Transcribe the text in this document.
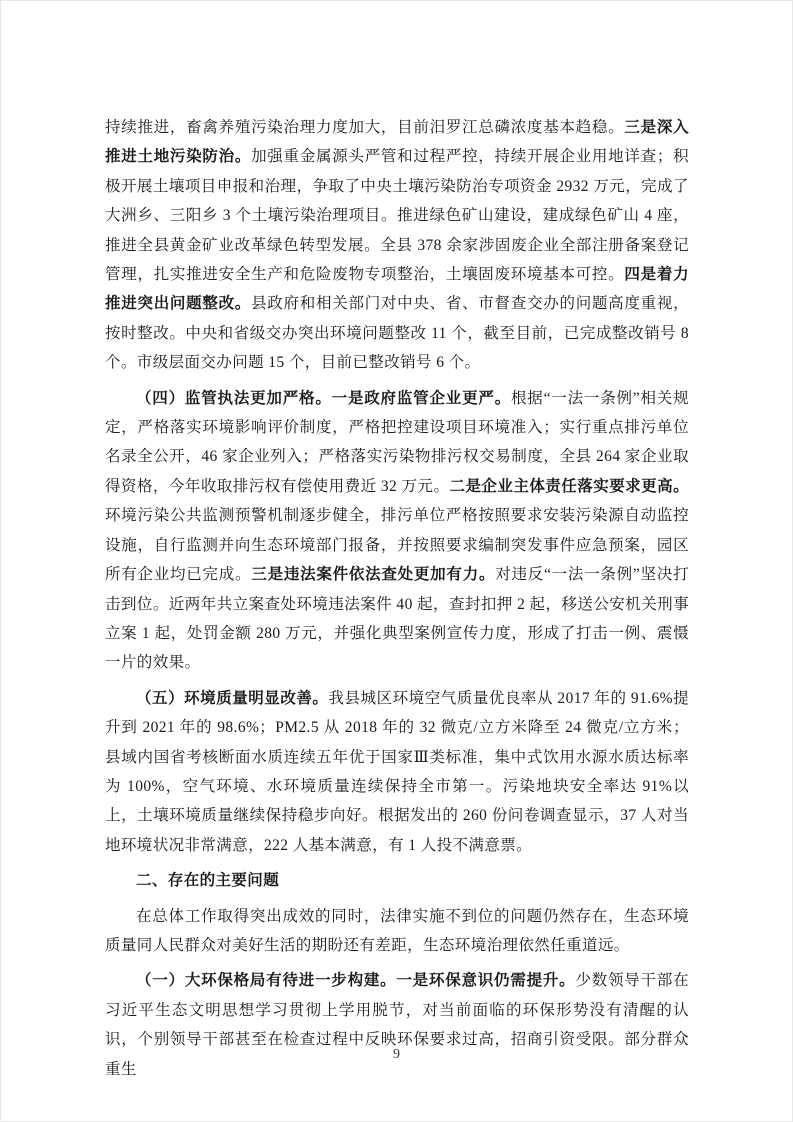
持续推进，畜禽养殖污染治理力度加大，目前汨罗江总磷浓度基本趋稳。三是深入推进土地污染防治。加强重金属源头严管和过程严控，持续开展企业用地详查；积极开展土壤项目申报和治理，争取了中央土壤污染防治专项资金 2932 万元，完成了大洲乡、三阳乡 3 个土壤污染治理项目。推进绿色矿山建设，建成绿色矿山 4 座，推进全县黄金矿业改革绿色转型发展。全县 378 余家涉固废企业全部注册备案登记管理，扎实推进安全生产和危险废物专项整治，土壤固废环境基本可控。四是着力推进突出问题整改。县政府和相关部门对中央、省、市督查交办的问题高度重视，按时整改。中央和省级交办突出环境问题整改 11 个，截至目前，已完成整改销号 8 个。市级层面交办问题 15 个，目前已整改销号 6 个。

（四）监管执法更加严格。一是政府监管企业更严。根据“一法一条例”相关规定，严格落实环境影响评价制度，严格把控建设项目环境准入；实行重点排污单位名录全公开，46 家企业列入；严格落实污染物排污权交易制度，全县 264 家企业取得资格，今年收取排污权有偿使用费近 32 万元。二是企业主体责任落实要求更高。环境污染公共监测预警机制逐步健全，排污单位严格按照要求安装污染源自动监控设施，自行监测并向生态环境部门报备，并按照要求编制突发事件应急预案，园区所有企业均已完成。三是违法案件依法查处更加有力。对违反“一法一条例”坚决打击到位。近两年共立案查处环境违法案件 40 起，查封扣押 2 起，移送公安机关刑事立案 1 起，处罚金额 280 万元，并强化典型案例宣传力度，形成了打击一例、震慑一片的效果。

（五）环境质量明显改善。我县城区环境空气质量优良率从 2017 年的 91.6%提升到 2021 年的 98.6%；PM2.5 从 2018 年的 32 微克/立方米降至 24 微克/立方米；县域内国省考核断面水质连续五年优于国家Ⅲ类标准，集中式饮用水源水质达标率为 100%，空气环境、水环境质量连续保持全市第一。污染地块安全率达 91%以上，土壤环境质量继续保持稳步向好。根据发出的 260 份问卷调查显示，37 人对当地环境状况非常满意，222 人基本满意，有 1 人投不满意票。

二、存在的主要问题

在总体工作取得突出成效的同时，法律实施不到位的问题仍然存在，生态环境质量同人民群众对美好生活的期盼还有差距，生态环境治理依然任重道远。

（一）大环保格局有待进一步构建。一是环保意识仍需提升。少数领导干部在习近平生态文明思想学习贯彻上学用脱节，对当前面临的环保形势没有清醒的认识，个别领导干部甚至在检查过程中反映环保要求过高，招商引资受限。部分群众重生

9
